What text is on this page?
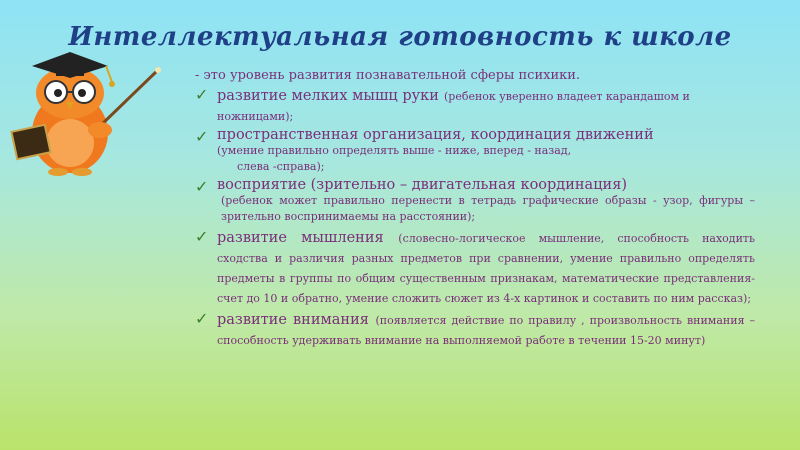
Интеллектуальная готовность к школе
- это уровень развития познавательной сферы психики.
✓ развитие мелких мышц руки (ребенок уверенно владеет карандашом и ножницами);
✓ пространственная организация, координация движений
(умение правильно определять выше - ниже, вперед - назад,
слева -справа);
✓ восприятие (зрительно – двигательная координация)
(ребенок может правильно перенести в тетрадь графические образы - узор, фигуры – зрительно воспринимаемы на расстоянии);
✓ развитие мышления (словесно-логическое мышление, способность находить сходства и различия разных предметов при сравнении, умение правильно определять предметы в группы по общим существенным признакам, математические представления- счет до 10 и обратно, умение сложить сюжет из 4-х картинок и составить по ним рассказ);
✓ развитие внимания (появляется действие по правилу , произвольность внимания – способность удерживать внимание на выполняемой работе в течении 15-20 минут)
